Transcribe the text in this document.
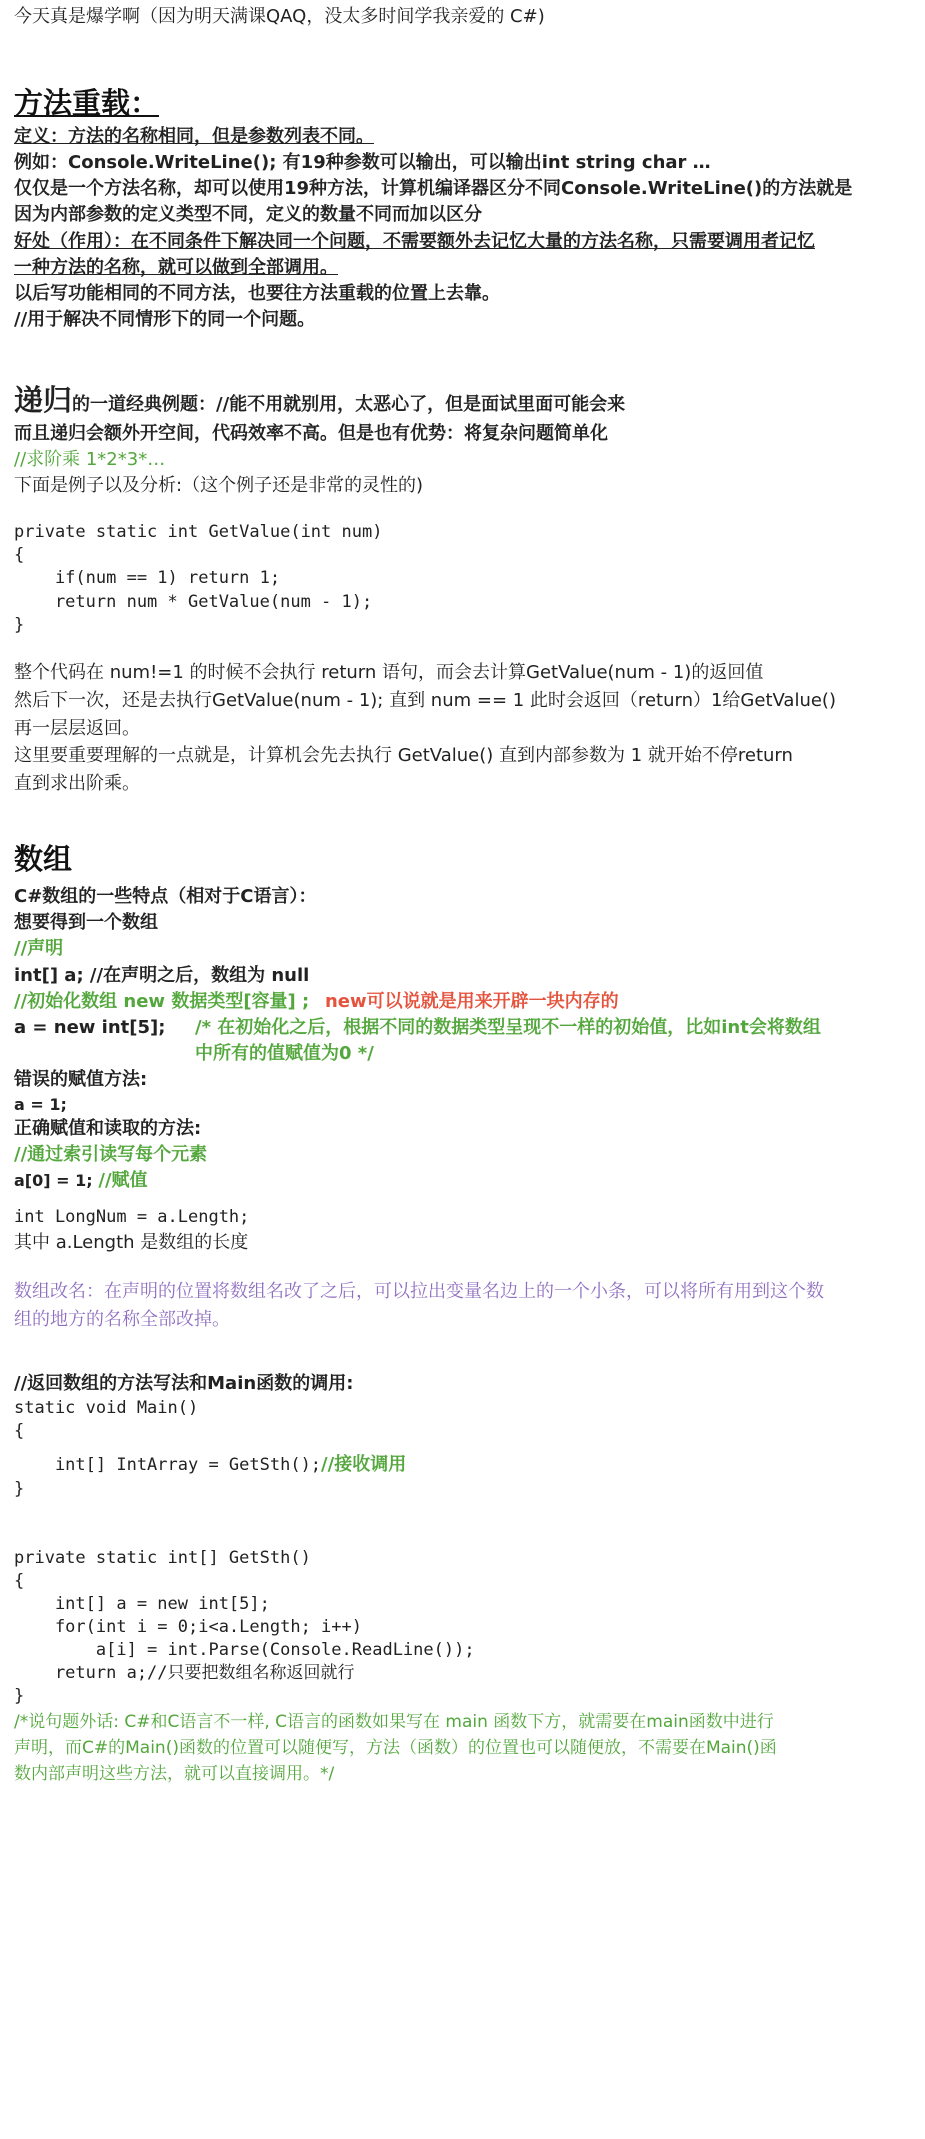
今天真是爆学啊（因为明天满课QAQ，没太多时间学我亲爱的 C#)
方法重载：
定义：方法的名称相同，但是参数列表不同。
例如：Console.WriteLine(); 有19种参数可以输出，可以输出int string char …
仅仅是一个方法名称，却可以使用19种方法，计算机编译器区分不同Console.WriteLine()的方法就是
因为内部参数的定义类型不同，定义的数量不同而加以区分
好处（作用）：在不同条件下解决同一个问题，不需要额外去记忆大量的方法名称，只需要调用者记忆
一种方法的名称，就可以做到全部调用。
以后写功能相同的不同方法，也要往方法重载的位置上去靠。
//用于解决不同情形下的同一个问题。
递归的一道经典例题：//能不用就别用，太恶心了，但是面试里面可能会来
而且递归会额外开空间，代码效率不高。但是也有优势：将复杂问题简单化
//求阶乘 1*2*3*…
下面是例子以及分析:（这个例子还是非常的灵性的)
private static int GetValue(int num)
{
if(num == 1) return 1;
return num * GetValue(num - 1);
}
整个代码在 num!=1 的时候不会执行 return 语句，而会去计算GetValue(num - 1)的返回值
然后下一次，还是去执行GetValue(num - 1); 直到 num == 1 此时会返回（return）1给GetValue()
再一层层返回。
这里要重要理解的一点就是，计算机会先去执行 GetValue() 直到内部参数为 1 就开始不停return
直到求出阶乘。
数组
C#数组的一些特点（相对于C语言）：
想要得到一个数组
//声明
int[] a; //在声明之后，数组为 null
//初始化数组 new 数据类型[容量] ; new可以说就是用来开辟一块内存的
a = new int[5];	/* 在初始化之后，根据不同的数据类型呈现不一样的初始值，比如int会将数组
中所有的值赋值为0 */
错误的赋值方法:
a = 1;
正确赋值和读取的方法:
//通过索引读写每个元素
a[0] = 1; //赋值
int LongNum = a.Length;
其中 a.Length 是数组的长度
数组改名：在声明的位置将数组名改了之后，可以拉出变量名边上的一个小条，可以将所有用到这个数
组的地方的名称全部改掉。
//返回数组的方法写法和Main函数的调用:
static void Main()
{
int[] IntArray = GetSth();//接收调用
}
private static int[] GetSth()
{
int[] a = new int[5];
for(int i = 0;i<a.Length; i++)
a[i] = int.Parse(Console.ReadLine());
return a;//只要把数组名称返回就行
}
/*说句题外话: C#和C语言不一样, C语言的函数如果写在 main 函数下方，就需要在main函数中进行
声明，而C#的Main()函数的位置可以随便写，方法（函数）的位置也可以随便放，不需要在Main()函
数内部声明这些方法，就可以直接调用。*/
